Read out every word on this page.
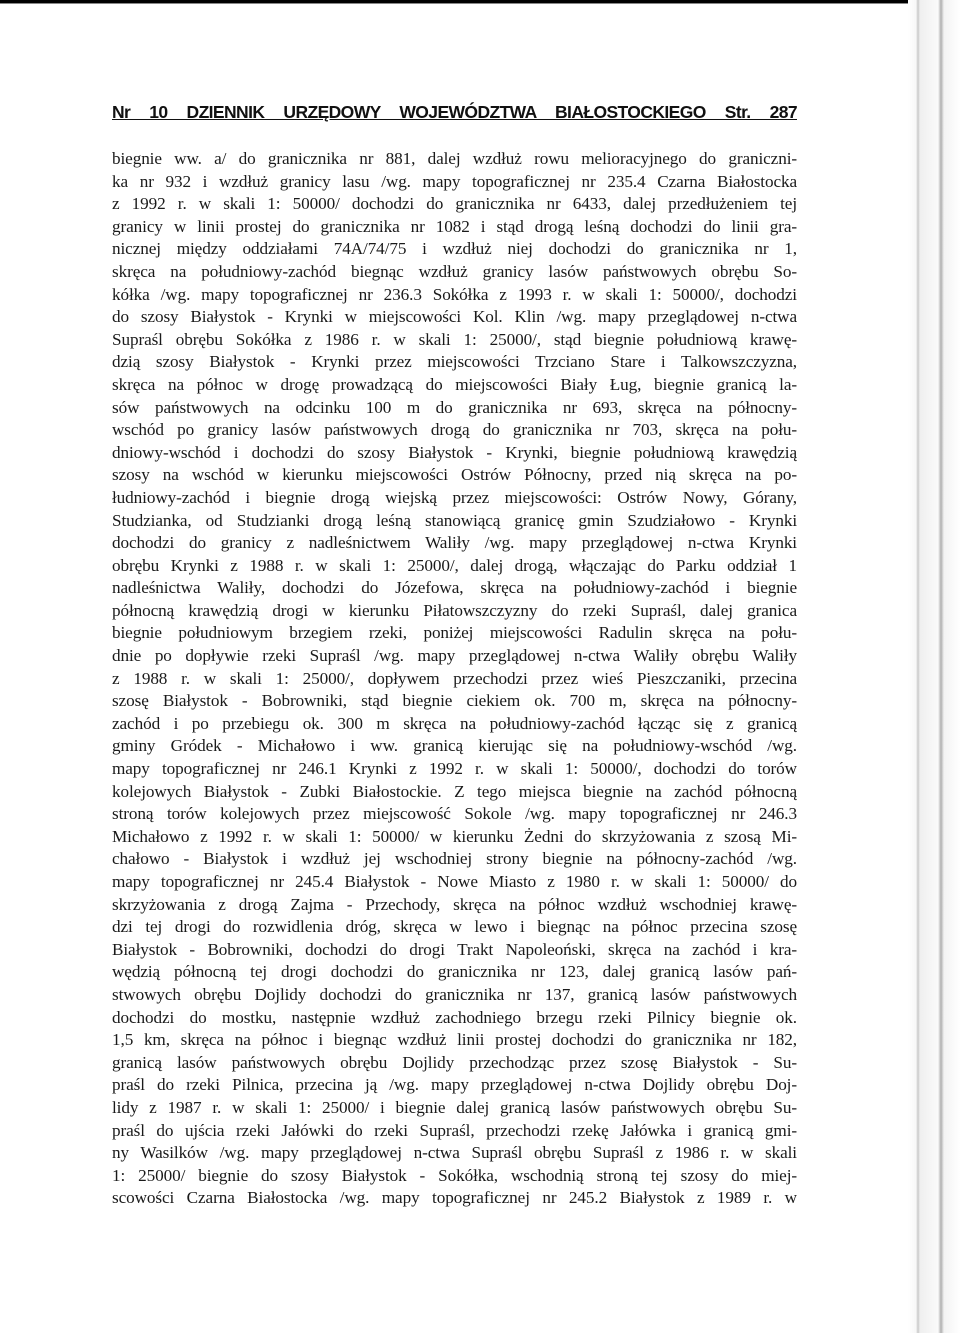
Nr 10 DZIENNIK URZĘDOWY WOJEWÓDZTWA BIAŁOSTOCKIEGO Str. 287
biegnie ww. a/ do granicznika nr 881, dalej wzdłuż rowu melioracyjnego do graniczni-
ka nr 932 i wzdłuż granicy lasu /wg. mapy topograficznej nr 235.4 Czarna Białostocka
z 1992 r. w skali 1: 50000/ dochodzi do granicznika nr 6433, dalej przedłużeniem tej
granicy w linii prostej do granicznika nr 1082 i stąd drogą leśną dochodzi do linii gra-
nicznej między oddziałami 74A/74/75 i wzdłuż niej dochodzi do granicznika nr 1,
skręca na południowy-zachód biegnąc wzdłuż granicy lasów państwowych obrębu So-
kółka /wg. mapy topograficznej nr 236.3 Sokółka z 1993 r. w skali 1: 50000/, dochodzi
do szosy Białystok - Krynki w miejscowości Kol. Klin /wg. mapy przeglądowej n-ctwa
Supraśl obrębu Sokółka z 1986 r. w skali 1: 25000/, stąd biegnie południową krawę-
dzią szosy Białystok - Krynki przez miejscowości Trzciano Stare i Talkowszczyzna,
skręca na północ w drogę prowadzącą do miejscowości Biały Ług, biegnie granicą la-
sów państwowych na odcinku 100 m do granicznika nr 693, skręca na północny-
wschód po granicy lasów państwowych drogą do granicznika nr 703, skręca na połu-
dniowy-wschód i dochodzi do szosy Białystok - Krynki, biegnie południową krawędzią
szosy na wschód w kierunku miejscowości Ostrów Północny, przed nią skręca na po-
łudniowy-zachód i biegnie drogą wiejską przez miejscowości: Ostrów Nowy, Górany,
Studzianka, od Studzianki drogą leśną stanowiącą granicę gmin Szudziałowo - Krynki
dochodzi do granicy z nadleśnictwem Waliły /wg. mapy przeglądowej n-ctwa Krynki
obrębu Krynki z 1988 r. w skali 1: 25000/, dalej drogą, włączając do Parku oddział 1
nadleśnictwa Waliły, dochodzi do Józefowa, skręca na południowy-zachód i biegnie
północną krawędzią drogi w kierunku Piłatowszczyzny do rzeki Supraśl, dalej granica
biegnie południowym brzegiem rzeki, poniżej miejscowości Radulin skręca na połu-
dnie po dopływie rzeki Supraśl /wg. mapy przeglądowej n-ctwa Waliły obrębu Waliły
z 1988 r. w skali 1: 25000/, dopływem przechodzi przez wieś Pieszczaniki, przecina
szosę Białystok - Bobrowniki, stąd biegnie ciekiem ok. 700 m, skręca na północny-
zachód i po przebiegu ok. 300 m skręca na południowy-zachód łącząc się z granicą
gminy Gródek - Michałowo i ww. granicą kierując się na południowy-wschód /wg.
mapy topograficznej nr 246.1 Krynki z 1992 r. w skali 1: 50000/, dochodzi do torów
kolejowych Białystok - Zubki Białostockie. Z tego miejsca biegnie na zachód północną
stroną torów kolejowych przez miejscowość Sokole /wg. mapy topograficznej nr 246.3
Michałowo z 1992 r. w skali 1: 50000/ w kierunku Żedni do skrzyżowania z szosą Mi-
chałowo - Białystok i wzdłuż jej wschodniej strony biegnie na północny-zachód /wg.
mapy topograficznej nr 245.4 Białystok - Nowe Miasto z 1980 r. w skali 1: 50000/ do
skrzyżowania z drogą Zajma - Przechody, skręca na północ wzdłuż wschodniej krawę-
dzi tej drogi do rozwidlenia dróg, skręca w lewo i biegnąc na północ przecina szosę
Białystok - Bobrowniki, dochodzi do drogi Trakt Napoleoński, skręca na zachód i kra-
wędzią północną tej drogi dochodzi do granicznika nr 123, dalej granicą lasów pań-
stwowych obrębu Dojlidy dochodzi do granicznika nr 137, granicą lasów państwowych
dochodzi do mostku, następnie wzdłuż zachodniego brzegu rzeki Pilnicy biegnie ok.
1,5 km, skręca na północ i biegnąc wzdłuż linii prostej dochodzi do granicznika nr 182,
granicą lasów państwowych obrębu Dojlidy przechodząc przez szosę Białystok - Su-
praśl do rzeki Pilnica, przecina ją /wg. mapy przeglądowej n-ctwa Dojlidy obrębu Doj-
lidy z 1987 r. w skali 1: 25000/ i biegnie dalej granicą lasów państwowych obrębu Su-
praśl do ujścia rzeki Jałówki do rzeki Supraśl, przechodzi rzekę Jałówka i granicą gmi-
ny Wasilków /wg. mapy przeglądowej n-ctwa Supraśl obrębu Supraśl z 1986 r. w skali
1: 25000/ biegnie do szosy Białystok - Sokółka, wschodnią stroną tej szosy do miej-
scowości Czarna Białostocka /wg. mapy topograficznej nr 245.2 Białystok z 1989 r. w
